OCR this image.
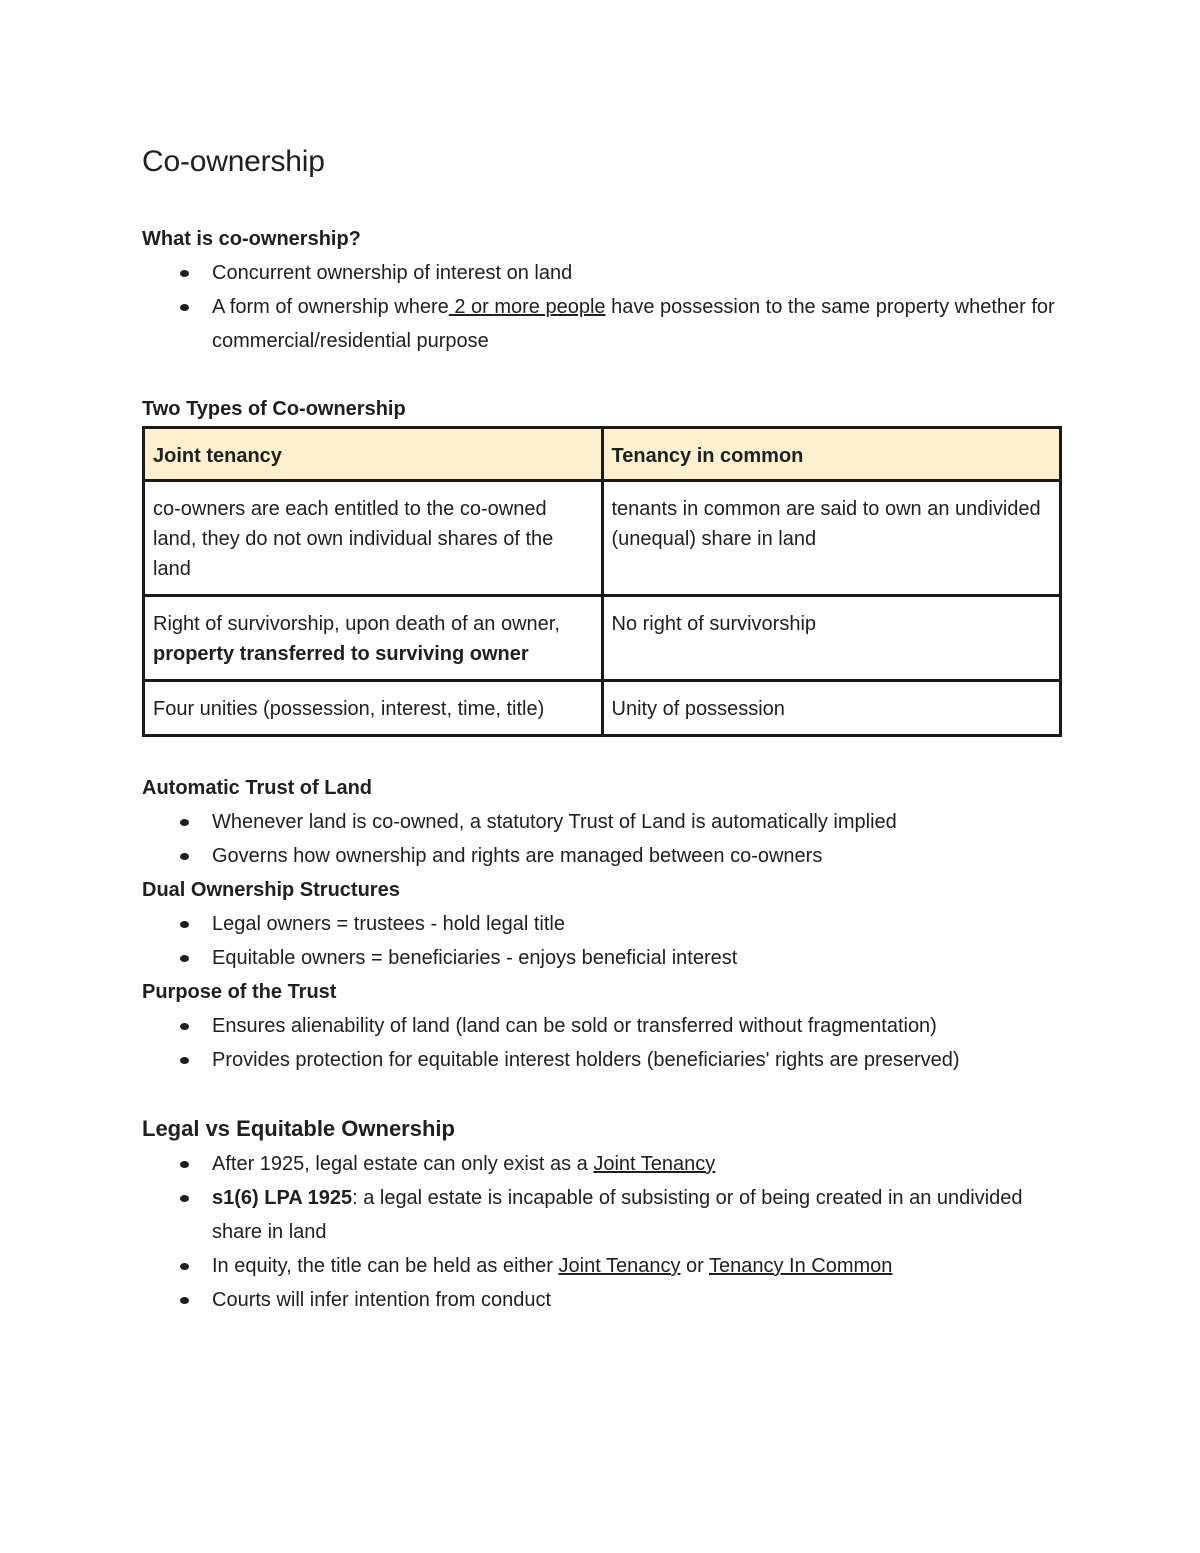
Co-ownership

What is co-ownership?

Concurrent ownership of interest on land
A form of ownership where 2 or more people have possession to the same property whether for commercial/residential purpose

Two Types of Co-ownership

Joint tenancy	Tenancy in common
co-owners are each entitled to the co-owned land, they do not own individual shares of the land	tenants in common are said to own an undivided (unequal) share in land
Right of survivorship, upon death of an owner, property transferred to surviving owner	No right of survivorship
Four unities (possession, interest, time, title)	Unity of possession

Automatic Trust of Land

Whenever land is co-owned, a statutory Trust of Land is automatically implied
Governs how ownership and rights are managed between co-owners

Dual Ownership Structures

Legal owners = trustees - hold legal title
Equitable owners = beneficiaries - enjoys beneficial interest

Purpose of the Trust

Ensures alienability of land (land can be sold or transferred without fragmentation)
Provides protection for equitable interest holders (beneficiaries' rights are preserved)

Legal vs Equitable Ownership

After 1925, legal estate can only exist as a Joint Tenancy
s1(6) LPA 1925: a legal estate is incapable of subsisting or of being created in an undivided share in land
In equity, the title can be held as either Joint Tenancy or Tenancy In Common
Courts will infer intention from conduct
